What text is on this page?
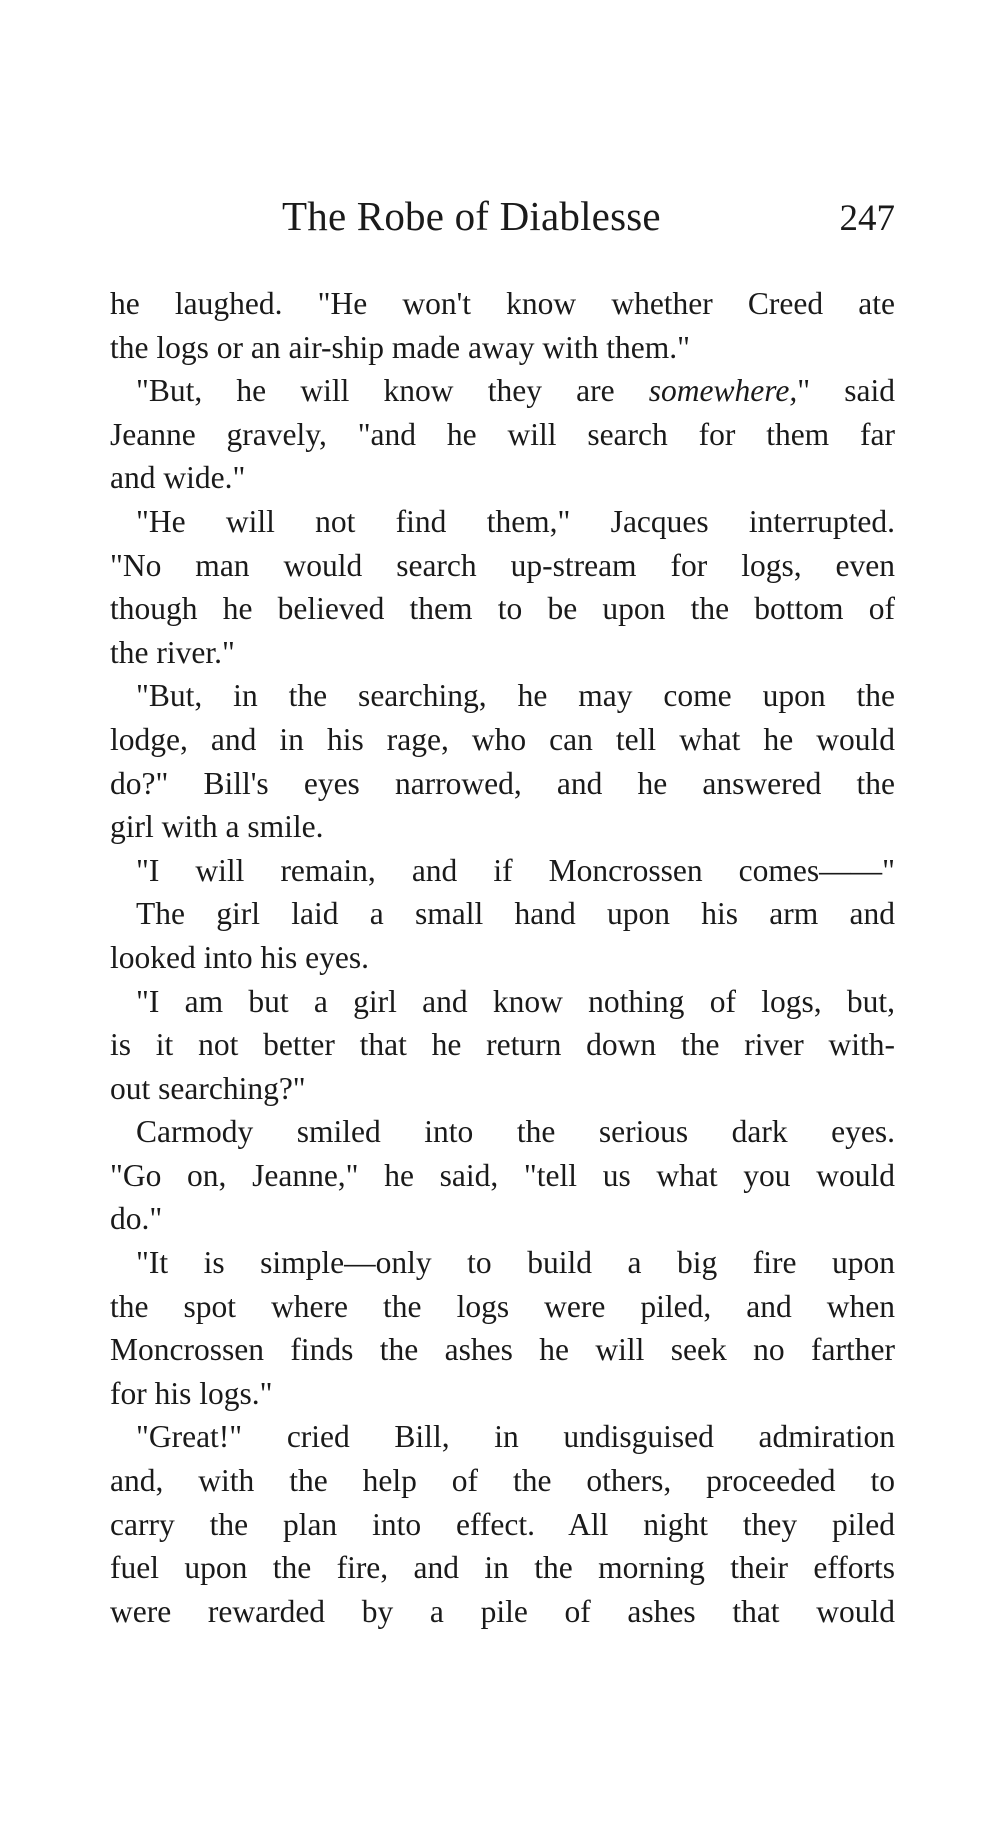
The Robe of Diablesse	247
he laughed. "He won't know whether Creed ate
the logs or an air-ship made away with them."
"But, he will know they are somewhere," said
Jeanne gravely, "and he will search for them far
and wide."
"He will not find them," Jacques interrupted.
"No man would search up-stream for logs, even
though he believed them to be upon the bottom of
the river."
"But, in the searching, he may come upon the
lodge, and in his rage, who can tell what he would
do?" Bill's eyes narrowed, and he answered the
girl with a smile.
"I will remain, and if Moncrossen comes——"
The girl laid a small hand upon his arm and
looked into his eyes.
"I am but a girl and know nothing of logs, but,
is it not better that he return down the river with-
out searching?"
Carmody smiled into the serious dark eyes.
"Go on, Jeanne," he said, "tell us what you would
do."
"It is simple—only to build a big fire upon
the spot where the logs were piled, and when
Moncrossen finds the ashes he will seek no farther
for his logs."
"Great!" cried Bill, in undisguised admiration
and, with the help of the others, proceeded to
carry the plan into effect. All night they piled
fuel upon the fire, and in the morning their efforts
were rewarded by a pile of ashes that would
